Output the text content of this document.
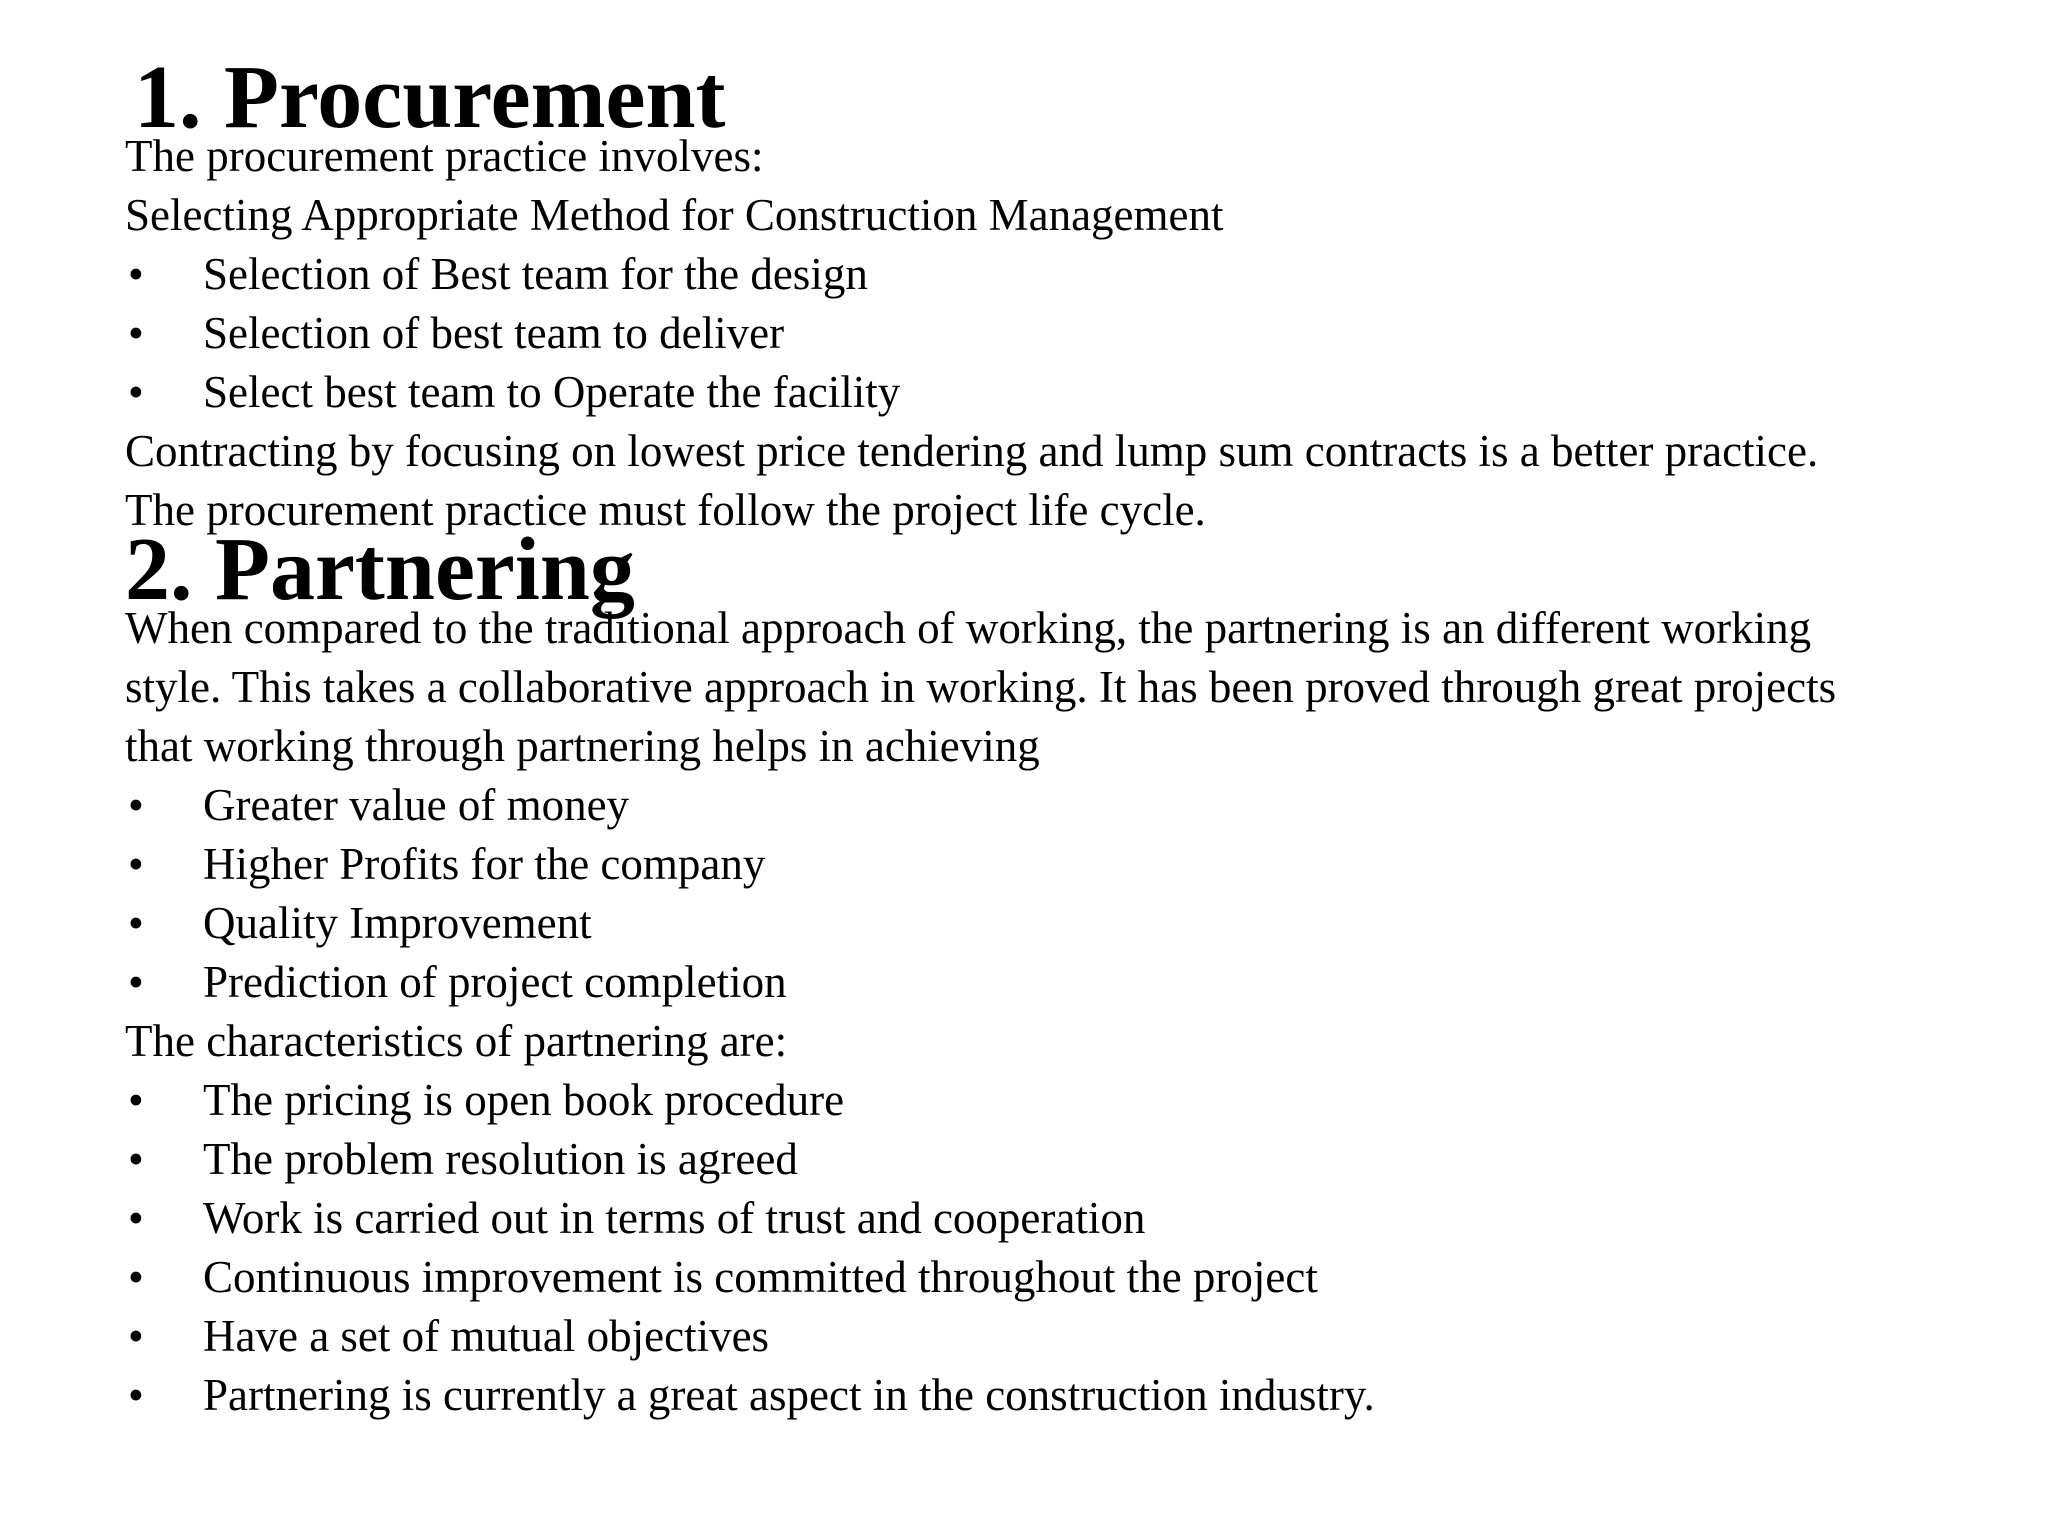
1. Procurement

The procurement practice involves:

Selecting Appropriate Method for Construction Management

•	Selection of Best team for the design
•	Selection of best team to deliver
•	Select best team to Operate the facility

Contracting by focusing on lowest price tendering and lump sum contracts is a better practice. The procurement practice must follow the project life cycle.

2. Partnering

When compared to the traditional approach of working, the partnering is an different working style. This takes a collaborative approach in working. It has been proved through great projects that working through partnering helps in achieving

•	Greater value of money
•	Higher Profits for the company
•	Quality Improvement
•	Prediction of project completion

The characteristics of partnering are:

•	The pricing is open book procedure
•	The problem resolution is agreed
•	Work is carried out in terms of trust and cooperation
•	Continuous improvement is committed throughout the project
•	Have a set of mutual objectives
•	Partnering is currently a great aspect in the construction industry.
